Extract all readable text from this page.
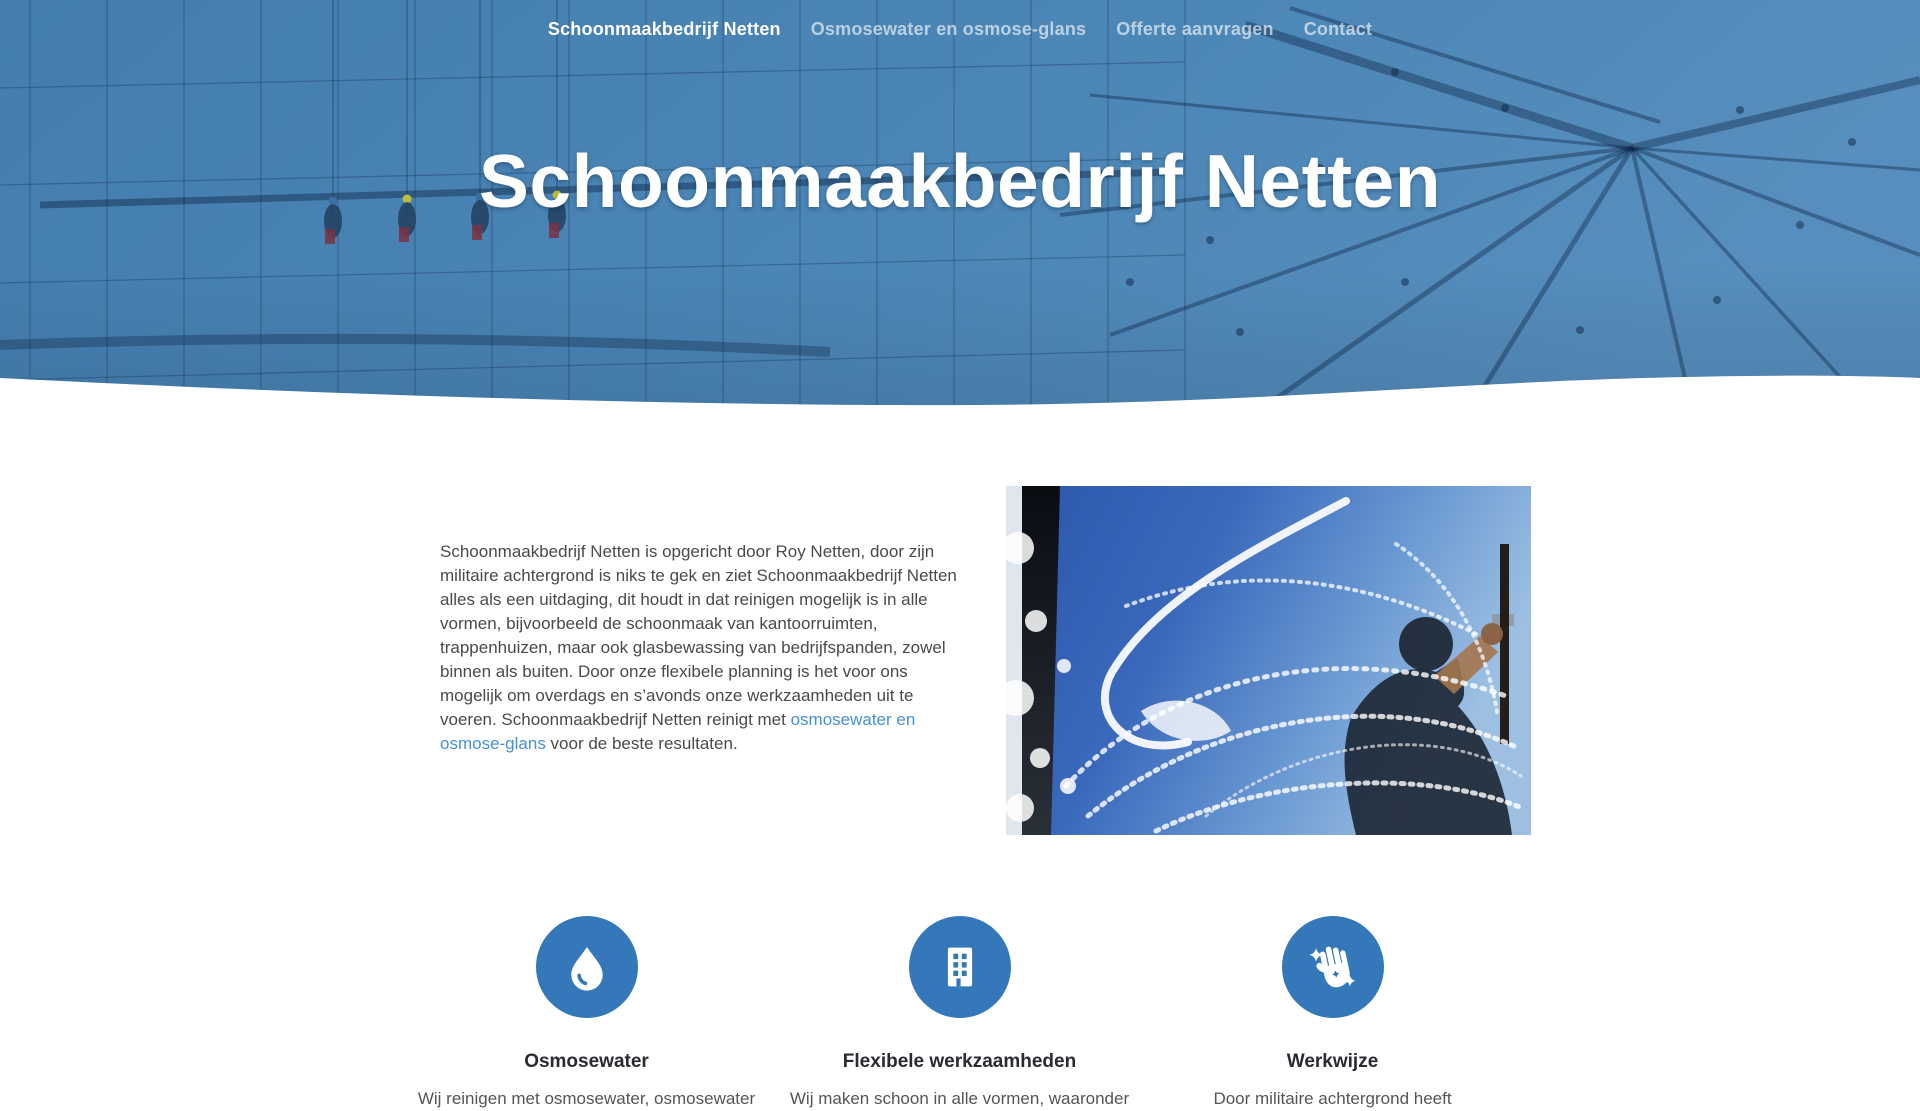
Schoonmaakbedrijf Netten Osmosewater en osmose-glans Offerte aanvragen Contact
Schoonmaakbedrijf Netten

Schoonmaakbedrijf Netten is opgericht door Roy Netten, door zijn militaire achtergrond is niks te gek en ziet Schoonmaakbedrijf Netten alles als een uitdaging, dit houdt in dat reinigen mogelijk is in alle vormen, bijvoorbeeld de schoonmaak van kantoorruimten, trappenhuizen, maar ook glasbewassing van bedrijfspanden, zowel binnen als buiten. Door onze flexibele planning is het voor ons mogelijk om overdags en s’avonds onze werkzaamheden uit te voeren. Schoonmaakbedrijf Netten reinigt met osmosewater en osmose-glans voor de beste resultaten.

Osmosewater

Wij reinigen met osmosewater, osmosewater

Flexibele werkzaamheden

Wij maken schoon in alle vormen, waaronder

Werkwijze

Door militaire achtergrond heeft
